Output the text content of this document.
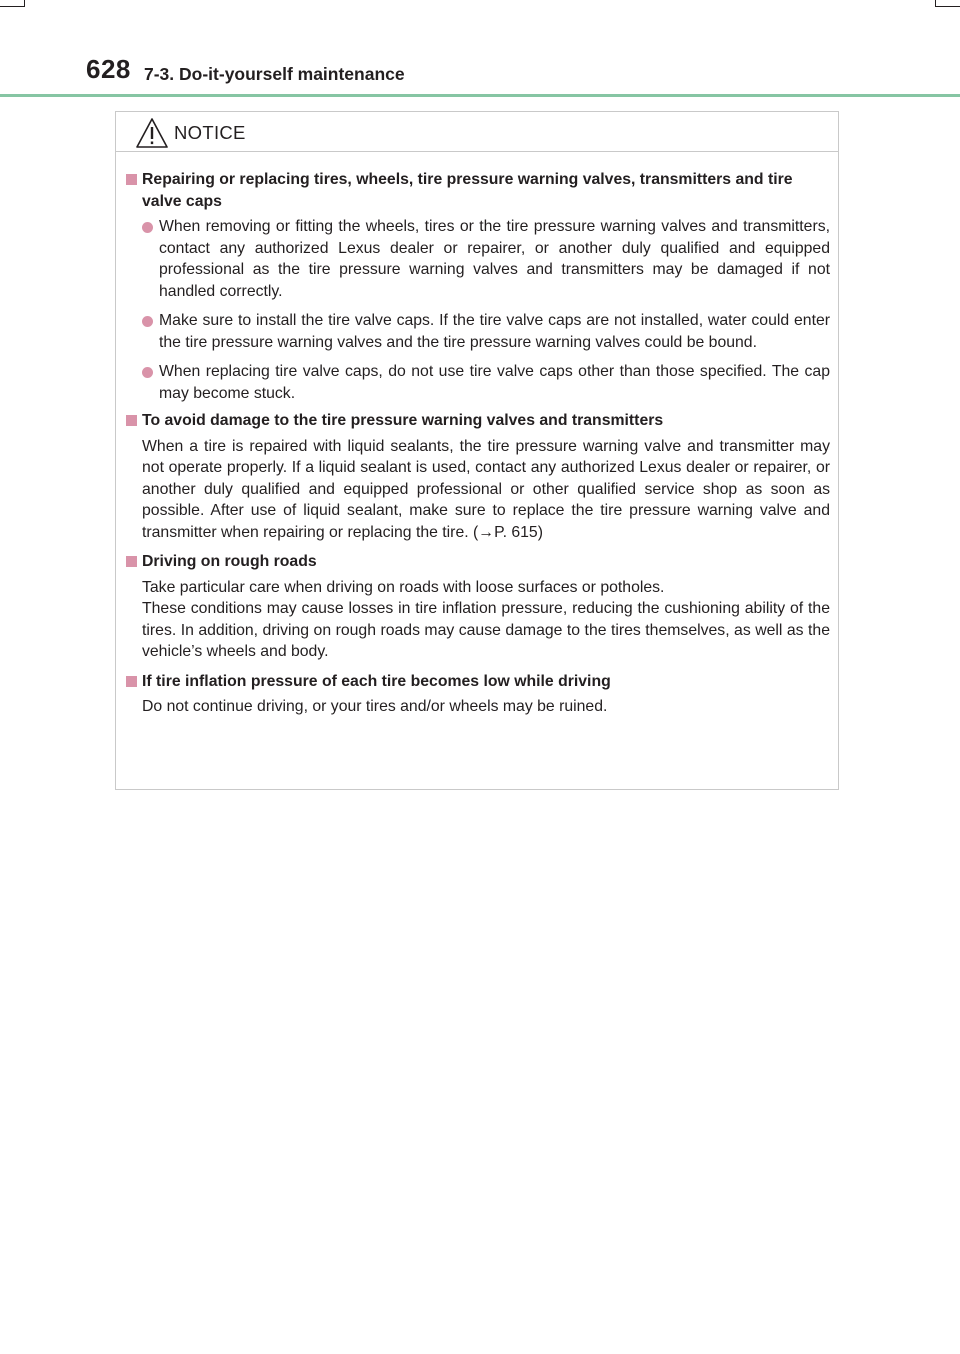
628 7-3. Do-it-yourself maintenance
NOTICE
Repairing or replacing tires, wheels, tire pressure warning valves, transmitters and tire valve caps
When removing or fitting the wheels, tires or the tire pressure warning valves and transmitters, contact any authorized Lexus dealer or repairer, or another duly qualified and equipped professional as the tire pressure warning valves and transmitters may be damaged if not handled correctly.
Make sure to install the tire valve caps. If the tire valve caps are not installed, water could enter the tire pressure warning valves and the tire pressure warning valves could be bound.
When replacing tire valve caps, do not use tire valve caps other than those specified. The cap may become stuck.
To avoid damage to the tire pressure warning valves and transmitters
When a tire is repaired with liquid sealants, the tire pressure warning valve and transmitter may not operate properly. If a liquid sealant is used, contact any authorized Lexus dealer or repairer, or another duly qualified and equipped professional or other qualified service shop as soon as possible. After use of liquid sealant, make sure to replace the tire pressure warning valve and transmitter when repairing or replacing the tire. (→P. 615)
Driving on rough roads
Take particular care when driving on roads with loose surfaces or potholes.
These conditions may cause losses in tire inflation pressure, reducing the cushioning ability of the tires. In addition, driving on rough roads may cause damage to the tires themselves, as well as the vehicle’s wheels and body.
If tire inflation pressure of each tire becomes low while driving
Do not continue driving, or your tires and/or wheels may be ruined.
